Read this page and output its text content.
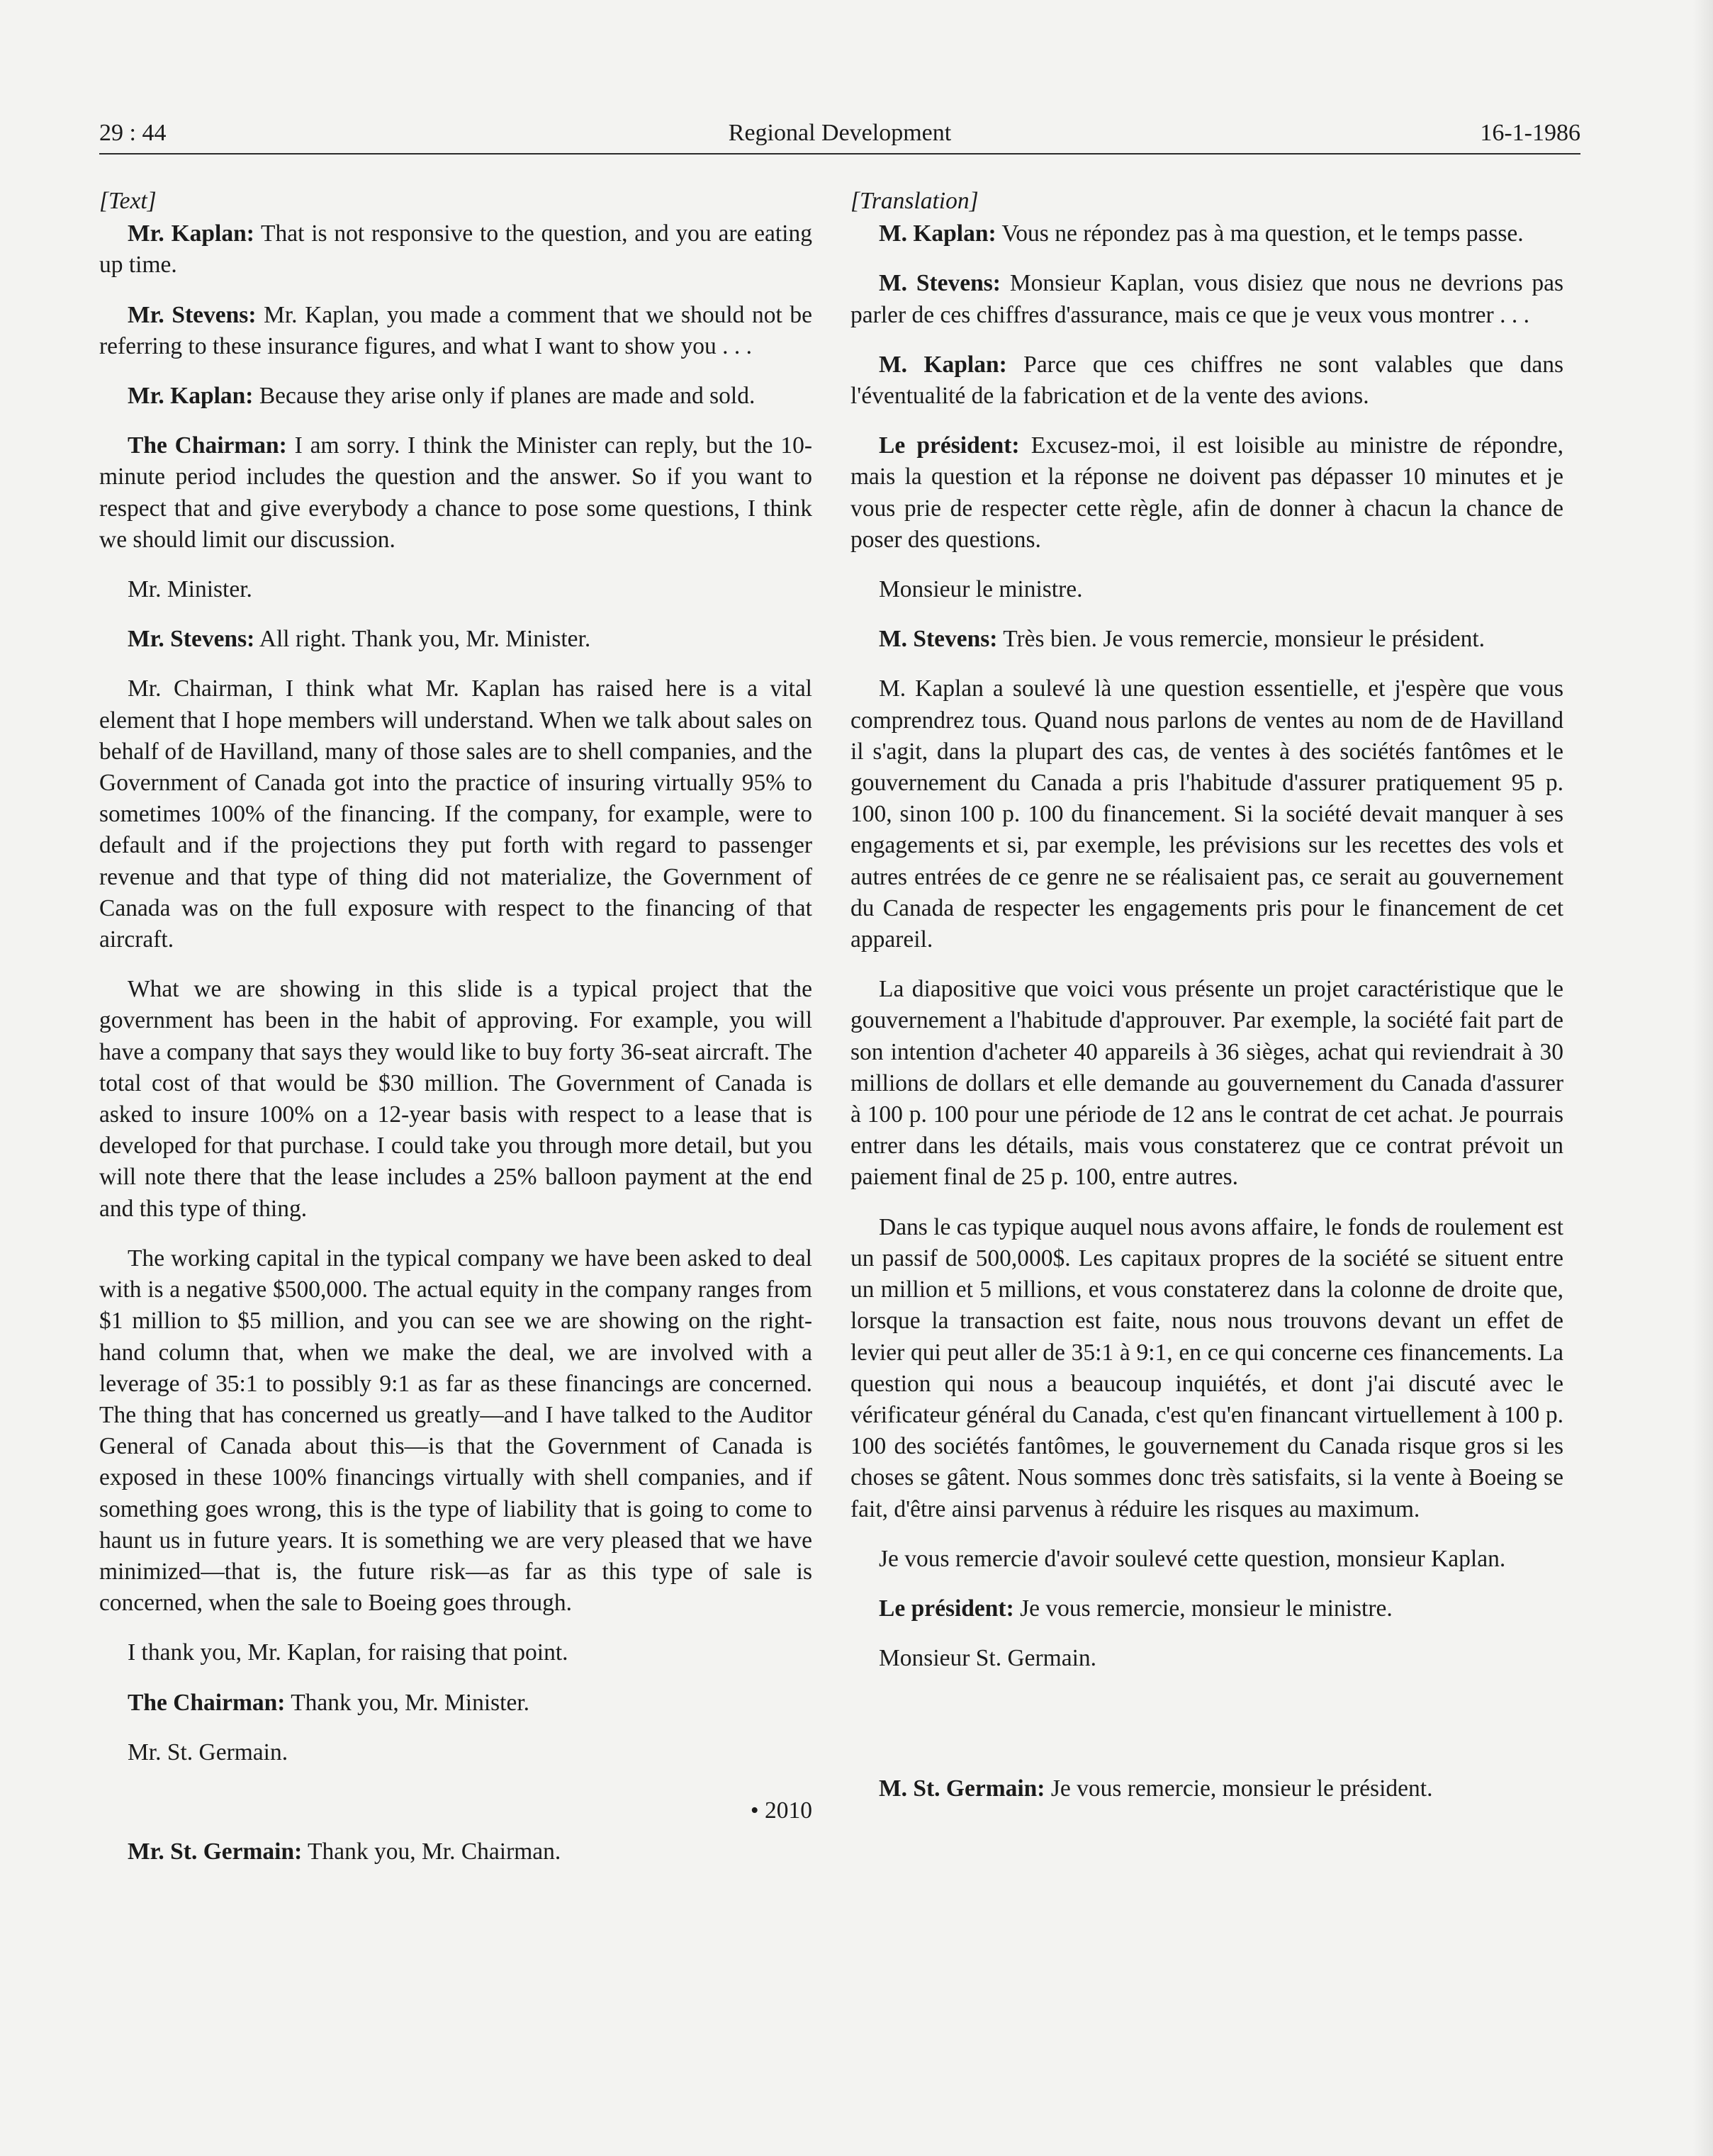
Regional Development
29 : 44	16-1-1986
[Text]

Mr. Kaplan: That is not responsive to the question, and you are eating up time.

Mr. Stevens: Mr. Kaplan, you made a comment that we should not be referring to these insurance figures, and what I want to show you . . .

Mr. Kaplan: Because they arise only if planes are made and sold.

The Chairman: I am sorry. I think the Minister can reply, but the 10-minute period includes the question and the answer. So if you want to respect that and give everybody a chance to pose some questions, I think we should limit our discussion.

Mr. Minister.

Mr. Stevens: All right. Thank you, Mr. Minister.

Mr. Chairman, I think what Mr. Kaplan has raised here is a vital element that I hope members will understand. When we talk about sales on behalf of de Havilland, many of those sales are to shell companies, and the Government of Canada got into the practice of insuring virtually 95% to sometimes 100% of the financing. If the company, for example, were to default and if the projections they put forth with regard to passenger revenue and that type of thing did not materialize, the Government of Canada was on the full exposure with respect to the financing of that aircraft.

What we are showing in this slide is a typical project that the government has been in the habit of approving. For example, you will have a company that says they would like to buy forty 36-seat aircraft. The total cost of that would be $30 million. The Government of Canada is asked to insure 100% on a 12-year basis with respect to a lease that is developed for that purchase. I could take you through more detail, but you will note there that the lease includes a 25% balloon payment at the end and this type of thing.

The working capital in the typical company we have been asked to deal with is a negative $500,000. The actual equity in the company ranges from $1 million to $5 million, and you can see we are showing on the right-hand column that, when we make the deal, we are involved with a leverage of 35:1 to possibly 9:1 as far as these financings are concerned. The thing that has concerned us greatly—and I have talked to the Auditor General of Canada about this—is that the Government of Canada is exposed in these 100% financings virtually with shell companies, and if something goes wrong, this is the type of liability that is going to come to haunt us in future years. It is something we are very pleased that we have minimized—that is, the future risk—as far as this type of sale is concerned, when the sale to Boeing goes through.

I thank you, Mr. Kaplan, for raising that point.

The Chairman: Thank you, Mr. Minister.

Mr. St. Germain.

• 2010

Mr. St. Germain: Thank you, Mr. Chairman.

[Translation]

M. Kaplan: Vous ne répondez pas à ma question, et le temps passe.

M. Stevens: Monsieur Kaplan, vous disiez que nous ne devrions pas parler de ces chiffres d'assurance, mais ce que je veux vous montrer . . .

M. Kaplan: Parce que ces chiffres ne sont valables que dans l'éventualité de la fabrication et de la vente des avions.

Le président: Excusez-moi, il est loisible au ministre de répondre, mais la question et la réponse ne doivent pas dépasser 10 minutes et je vous prie de respecter cette règle, afin de donner à chacun la chance de poser des questions.

Monsieur le ministre.

M. Stevens: Très bien. Je vous remercie, monsieur le président.

M. Kaplan a soulevé là une question essentielle, et j'espère que vous comprendrez tous. Quand nous parlons de ventes au nom de de Havilland il s'agit, dans la plupart des cas, de ventes à des sociétés fantômes et le gouvernement du Canada a pris l'habitude d'assurer pratiquement 95 p. 100, sinon 100 p. 100 du financement. Si la société devait manquer à ses engagements et si, par exemple, les prévisions sur les recettes des vols et autres entrées de ce genre ne se réalisaient pas, ce serait au gouvernement du Canada de respecter les engagements pris pour le financement de cet appareil.

La diapositive que voici vous présente un projet caractéristique que le gouvernement a l'habitude d'approuver. Par exemple, la société fait part de son intention d'acheter 40 appareils à 36 sièges, achat qui reviendrait à 30 millions de dollars et elle demande au gouvernement du Canada d'assurer à 100 p. 100 pour une période de 12 ans le contrat de cet achat. Je pourrais entrer dans les détails, mais vous constaterez que ce contrat prévoit un paiement final de 25 p. 100, entre autres.

Dans le cas typique auquel nous avons affaire, le fonds de roulement est un passif de 500,000$. Les capitaux propres de la société se situent entre un million et 5 millions, et vous constaterez dans la colonne de droite que, lorsque la transaction est faite, nous nous trouvons devant un effet de levier qui peut aller de 35:1 à 9:1, en ce qui concerne ces financements. La question qui nous a beaucoup inquiétés, et dont j'ai discuté avec le vérificateur général du Canada, c'est qu'en financant virtuellement à 100 p. 100 des sociétés fantômes, le gouvernement du Canada risque gros si les choses se gâtent. Nous sommes donc très satisfaits, si la vente à Boeing se fait, d'être ainsi parvenus à réduire les risques au maximum.

Je vous remercie d'avoir soulevé cette question, monsieur Kaplan.

Le président: Je vous remercie, monsieur le ministre.

Monsieur St. Germain.

M. St. Germain: Je vous remercie, monsieur le président.
